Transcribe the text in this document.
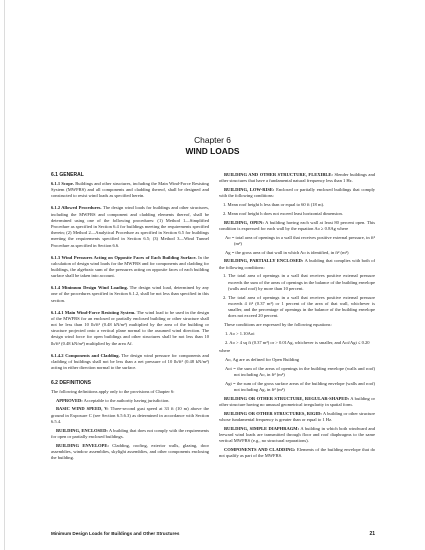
Chapter 6
WIND LOADS
6.1 GENERAL

6.1.1 Scope. Buildings and other structures, including the Main Wind-Force Resisting System (MWFRS) and all components and cladding thereof, shall be designed and constructed to resist wind loads as specified herein.

6.1.2 Allowed Procedures. The design wind loads for buildings and other structures, including the MWFRS and component and cladding elements thereof, shall be determined using one of the following procedures: (1) Method 1—Simplified Procedure as specified in Section 6.4 for buildings meeting the requirements specified therein; (2) Method 2—Analytical Procedure as specified in Section 6.5 for buildings meeting the requirements specified in Section 6.5; (3) Method 3—Wind Tunnel Procedure as specified in Section 6.6.

6.1.3 Wind Pressures Acting on Opposite Faces of Each Building Surface. In the calculation of design wind loads for the MWFRS and for components and cladding for buildings, the algebraic sum of the pressures acting on opposite faces of each building surface shall be taken into account.

6.1.4 Minimum Design Wind Loading. The design wind load, determined by any one of the procedures specified in Section 6.1.2, shall be not less than specified in this section.

6.1.4.1 Main Wind-Force Resisting System. The wind load to be used in the design of the MWFRS for an enclosed or partially enclosed building or other structure shall not be less than 10 lb/ft² (0.48 kN/m²) multiplied by the area of the building or structure projected onto a vertical plane normal to the assumed wind direction. The design wind force for open buildings and other structures shall be not less than 10 lb/ft² (0.48 kN/m²) multiplied by the area Af.

6.1.4.2 Components and Cladding. The design wind pressure for components and cladding of buildings shall not be less than a net pressure of 10 lb/ft² (0.48 kN/m²) acting in either direction normal to the surface.

6.2 DEFINITIONS

The following definitions apply only to the provisions of Chapter 6:

APPROVED: Acceptable to the authority having jurisdiction.

BASIC WIND SPEED, V: Three-second gust speed at 33 ft (10 m) above the ground in Exposure C (see Section 6.5.6.3) as determined in accordance with Section 6.5.4.

BUILDING, ENCLOSED: A building that does not comply with the requirements for open or partially enclosed buildings.

BUILDING ENVELOPE: Cladding, roofing, exterior walls, glazing, door assemblies, window assemblies, skylight assemblies, and other components enclosing the building.

BUILDING AND OTHER STRUCTURE, FLEXIBLE: Slender buildings and other structures that have a fundamental natural frequency less than 1 Hz.

BUILDING, LOW-RISE: Enclosed or partially enclosed buildings that comply with the following conditions:

1. Mean roof height h less than or equal to 60 ft (18 m).

2. Mean roof height h does not exceed least horizontal dimension.

BUILDING, OPEN: A building having each wall at least 80 percent open. This condition is expressed for each wall by the equation Ao ≥ 0.8Ag where

Ao = total area of openings in a wall that receives positive external pressure, in ft² (m²)

Ag = the gross area of that wall in which Ao is identified, in ft² (m²)

BUILDING, PARTIALLY ENCLOSED: A building that complies with both of the following conditions:

1. The total area of openings in a wall that receives positive external pressure exceeds the sum of the areas of openings in the balance of the building envelope (walls and roof) by more than 10 percent.

2. The total area of openings in a wall that receives positive external pressure exceeds 4 ft² (0.37 m²) or 1 percent of the area of that wall, whichever is smaller, and the percentage of openings in the balance of the building envelope does not exceed 20 percent.

These conditions are expressed by the following equations:

1. Ao > 1.10Aoi

2. Ao > 4 sq ft (0.37 m²) or > 0.01Ag, whichever is smaller, and Aoi/Agi ≤ 0.20

where

Ao, Ag are as defined for Open Building

Aoi = the sum of the areas of openings in the building envelope (walls and roof) not including Ao, in ft² (m²)

Agi = the sum of the gross surface areas of the building envelope (walls and roof) not including Ag, in ft² (m²)

BUILDING OR OTHER STRUCTURE, REGULAR-SHAPED: A building or other structure having no unusual geometrical irregularity in spatial form.

BUILDING OR OTHER STRUCTURES, RIGID: A building or other structure whose fundamental frequency is greater than or equal to 1 Hz.

BUILDING, SIMPLE DIAPHRAGM: A building in which both windward and leeward wind loads are transmitted through floor and roof diaphragms to the same vertical MWFRS (e.g., no structural separations).

COMPONENTS AND CLADDING: Elements of the building envelope that do not qualify as part of the MWFRS.

Minimum Design Loads for Buildings and Other Structures	21
